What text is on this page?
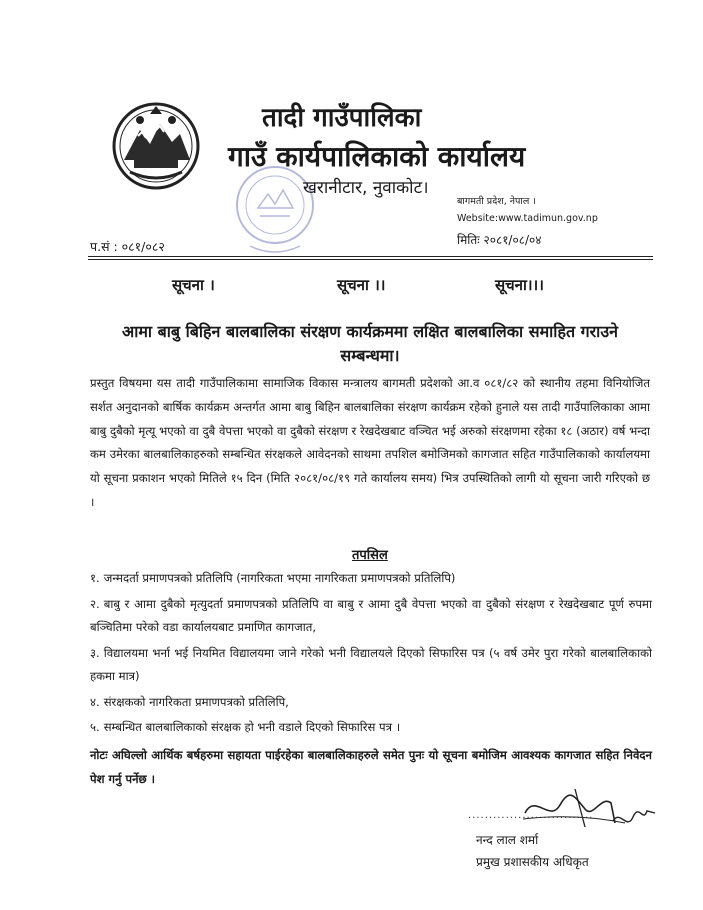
तादी गाउँपालिका
गाउँ कार्यपालिकाको कार्यालय
खरानीटार, नुवाकोट।
बागमती प्रदेश, नेपाल ।
Website:www.tadimun.gov.np
मितिः २०८१/०८/०४
प.सं : ०८१/०८२
सूचना ।	सूचना ।।	सूचना।।।
आमा बाबु बिहिन बालबालिका संरक्षण कार्यक्रममा लक्षित बालबालिका समाहित गराउने सम्बन्धमा।
प्रस्तुत विषयमा यस तादी गाउँपालिकामा सामाजिक विकास मन्त्रालय बागमती प्रदेशको आ.व ०८१/८२ को स्थानीय तहमा विनियोजित सर्शत अनुदानको बार्षिक कार्यक्रम अन्तर्गत आमा बाबु बिहिन बालबालिका संरक्षण कार्यक्रम रहेको हुनाले यस तादी गाउँपालिकाका आमा बाबु दुबैको मृत्यू भएको वा दुबै वेपत्ता भएको वा दुबैको संरक्षण र रेखदेखबाट वञ्चित भई अरुको संरक्षणमा रहेका १८ (अठार) वर्ष भन्दा कम उमेरका बालबालिकाहरुको सम्बन्धित संरक्षकले आवेदनको साथमा तपशिल बमोजिमको कागजात सहित गाउँपालिकाको कार्यालयमा यो सूचना प्रकाशन भएको मितिले १५ दिन (मिति २०८१/०८/१९ गते कार्यालय समय) भित्र उपस्थितिको लागी यो सूचना जारी गरिएको छ ।
तपसिल
१. जन्मदर्ता प्रमाणपत्रको प्रतिलिपि (नागरिकता भएमा नागरिकता प्रमाणपत्रको प्रतिलिपि)
२. बाबु र आमा दुबैको मृत्युदर्ता प्रमाणपत्रको प्रतिलिपि वा बाबु र आमा दुबै वेपत्ता भएको वा दुबैको संरक्षण र रेखदेखबाट पूर्ण रुपमा बञ्चितिमा परेको वडा कार्यालयबाट प्रमाणित कागजात,
३. विद्यालयमा भर्ना भई नियमित विद्यालयमा जाने गरेको भनी विद्यालयले दिएको सिफारिस पत्र (५ वर्ष उमेर पुरा गरेको बालबालिकाको हकमा मात्र)
४. संरक्षकको नागरिकता प्रमाणपत्रको प्रतिलिपि,
५. सम्बन्धित बालबालिकाको संरक्षक हो भनी वडाले दिएको सिफारिस पत्र ।
नोटः अघिल्लो आर्थिक बर्षहरुमा सहायता पाईरहेका बालबालिकाहरुले समेत पुनः यो सूचना बमोजिम आवश्यक कागजात सहित निवेदन पेश गर्नु पर्नेछ ।
..............................
नन्द लाल शर्मा
प्रमुख प्रशासकीय अधिकृत
